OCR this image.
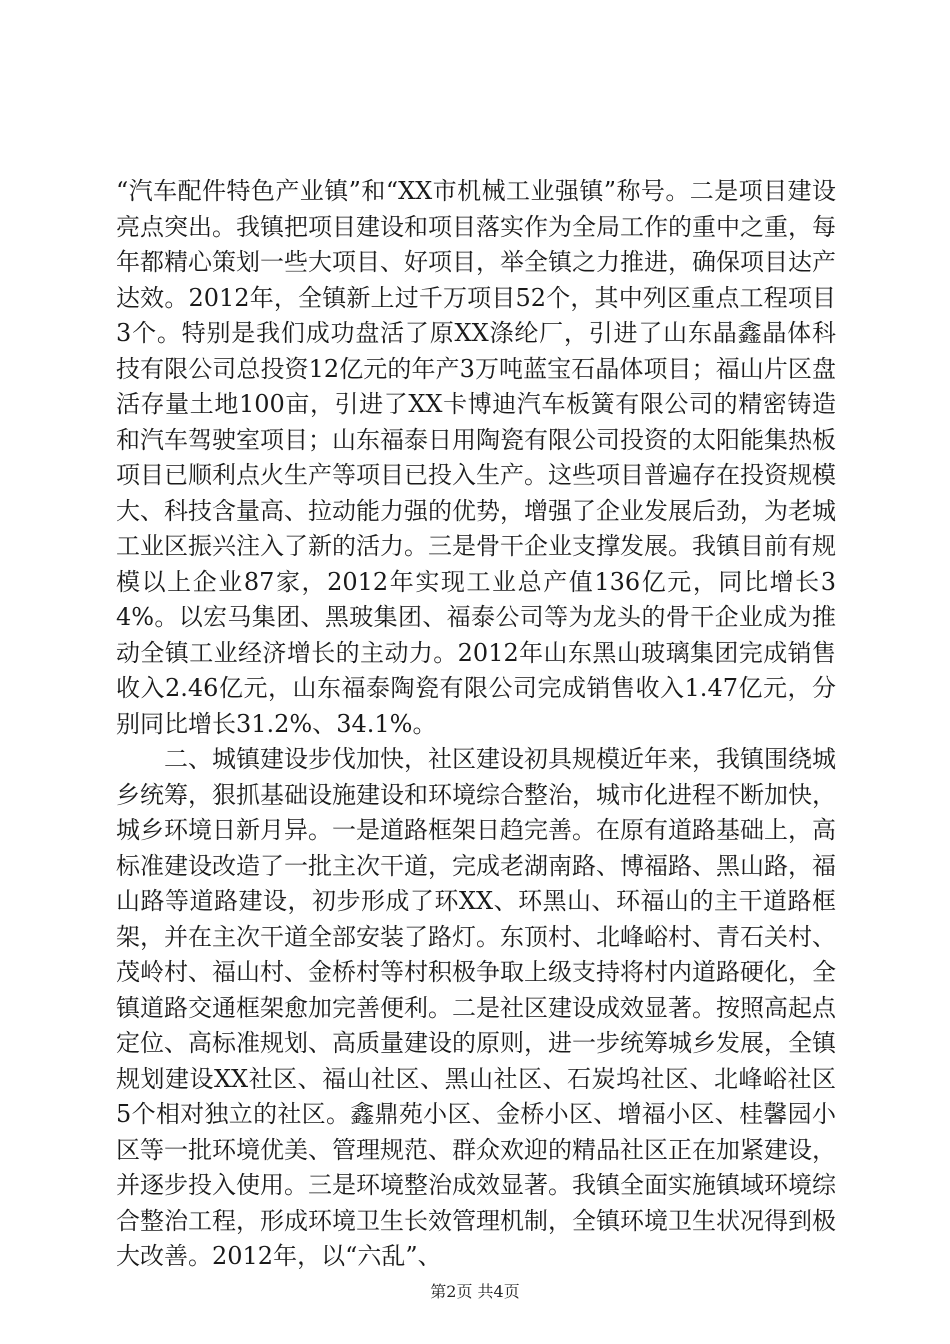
“汽车配件特色产业镇”和“XX市机械工业强镇”称号。二是项目建设亮点突出。我镇把项目建设和项目落实作为全局工作的重中之重，每年都精心策划一些大项目、好项目，举全镇之力推进，确保项目达产达效。2012年，全镇新上过千万项目52个，其中列区重点工程项目3个。特别是我们成功盘活了原XX涤纶厂，引进了山东晶鑫晶体科技有限公司总投资12亿元的年产3万吨蓝宝石晶体项目；福山片区盘活存量土地100亩，引进了XX卡博迪汽车板簧有限公司的精密铸造和汽车驾驶室项目；山东福泰日用陶瓷有限公司投资的太阳能集热板项目已顺利点火生产等项目已投入生产。这些项目普遍存在投资规模大、科技含量高、拉动能力强的优势，增强了企业发展后劲，为老城工业区振兴注入了新的活力。三是骨干企业支撑发展。我镇目前有规模以上企业87家，2012年实现工业总产值136亿元，同比增长34%。以宏马集团、黑玻集团、福泰公司等为龙头的骨干企业成为推动全镇工业经济增长的主动力。2012年山东黑山玻璃集团完成销售收入2.46亿元，山东福泰陶瓷有限公司完成销售收入1.47亿元，分别同比增长31.2%、34.1%。

二、城镇建设步伐加快，社区建设初具规模近年来，我镇围绕城乡统筹，狠抓基础设施建设和环境综合整治，城市化进程不断加快，城乡环境日新月异。一是道路框架日趋完善。在原有道路基础上，高标准建设改造了一批主次干道，完成老湖南路、博福路、黑山路，福山路等道路建设，初步形成了环XX、环黑山、环福山的主干道路框架，并在主次干道全部安装了路灯。东顶村、北峰峪村、青石关村、茂岭村、福山村、金桥村等村积极争取上级支持将村内道路硬化，全镇道路交通框架愈加完善便利。二是社区建设成效显著。按照高起点定位、高标准规划、高质量建设的原则，进一步统筹城乡发展，全镇规划建设XX社区、福山社区、黑山社区、石炭坞社区、北峰峪社区5个相对独立的社区。鑫鼎苑小区、金桥小区、增福小区、桂馨园小区等一批环境优美、管理规范、群众欢迎的精品社区正在加紧建设，并逐步投入使用。三是环境整治成效显著。我镇全面实施镇域环境综合整治工程，形成环境卫生长效管理机制，全镇环境卫生状况得到极大改善。2012年，以“六乱”、

第2页 共4页
